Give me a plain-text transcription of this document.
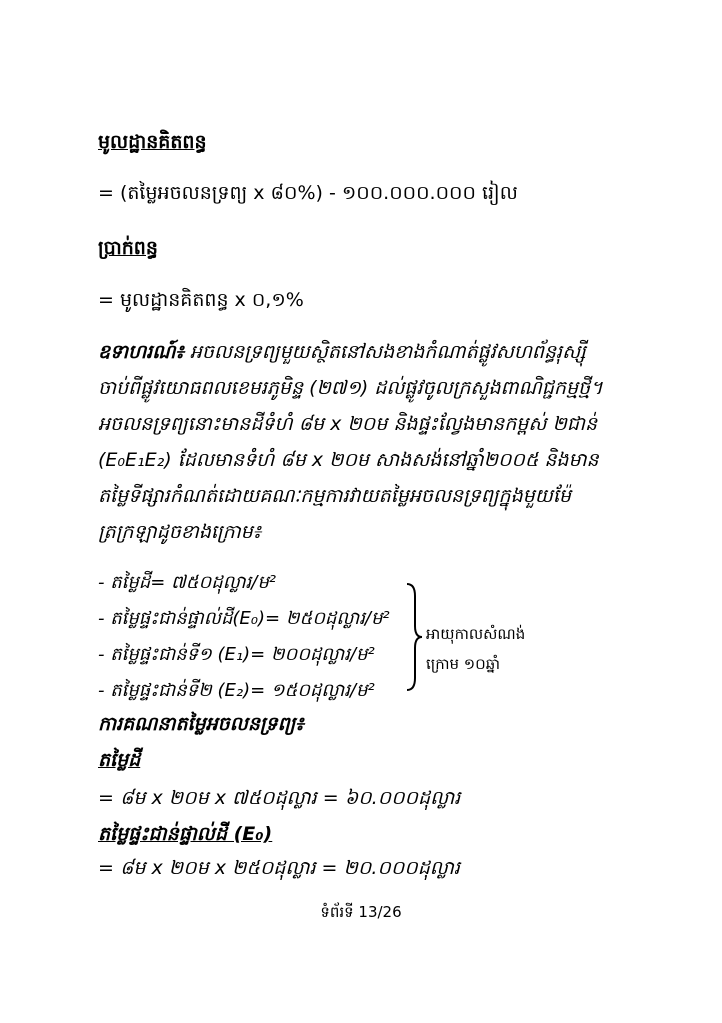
មូលដ្ឋានគិតពន្ធ
= (តម្លៃអចលនទ្រព្យ x ៨០%) - ១០០.០០០.០០០ រៀល
ប្រាក់ពន្ធ
= មូលដ្ឋានគិតពន្ធ x ០,១%
ឧទាហរណ៍៖ អចលនទ្រព្យមួយស្ថិតនៅសងខាងកំណាត់ផ្លូវសហព័ន្ធរុស្ស៊ី ចាប់ពីផ្លូវយោធពលខេមរភូមិន្ទ (២៧១) ដល់ផ្លូវចូលក្រសួងពាណិជ្ជកម្មថ្មី។ អចលនទ្រព្យនោះមានដីទំហំ ៨ម x ២០ម និងផ្ទះល្វែងមានកម្ពស់ ២ជាន់ (E₀E₁E₂) ដែលមានទំហំ ៨ម x ២០ម សាងសង់នៅឆ្នាំ២០០៥ និងមានតម្លៃទីផ្សារកំណត់ដោយគណៈកម្មការវាយតម្លៃអចលនទ្រព្យក្នុងមួយម៉ែត្រក្រឡាដូចខាងក្រោម៖
- តម្លៃដី= ៧៥០ដុល្លារ/ម²
- តម្លៃផ្ទះជាន់ផ្ទាល់ដី(E₀)= ២៥០ដុល្លារ/ម²
- តម្លៃផ្ទះជាន់ទី១ (E₁)= ២០០ដុល្លារ/ម²
- តម្លៃផ្ទះជាន់ទី២ (E₂)= ១៥០ដុល្លារ/ម²
អាយុកាលសំណង់
ក្រោម ១០ឆ្នាំ
ការគណនាតម្លៃអចលនទ្រព្យ៖
តម្លៃដី
= ៨ម x ២០ម x ៧៥០ដុល្លារ = ៦០.០០០ដុល្លារ
តម្លៃផ្ទះជាន់ផ្ទាល់ដី (E₀)
= ៨ម x ២០ម x ២៥០ដុល្លារ = ២០.០០០ដុល្លារ
ទំព័រទី 13/26
